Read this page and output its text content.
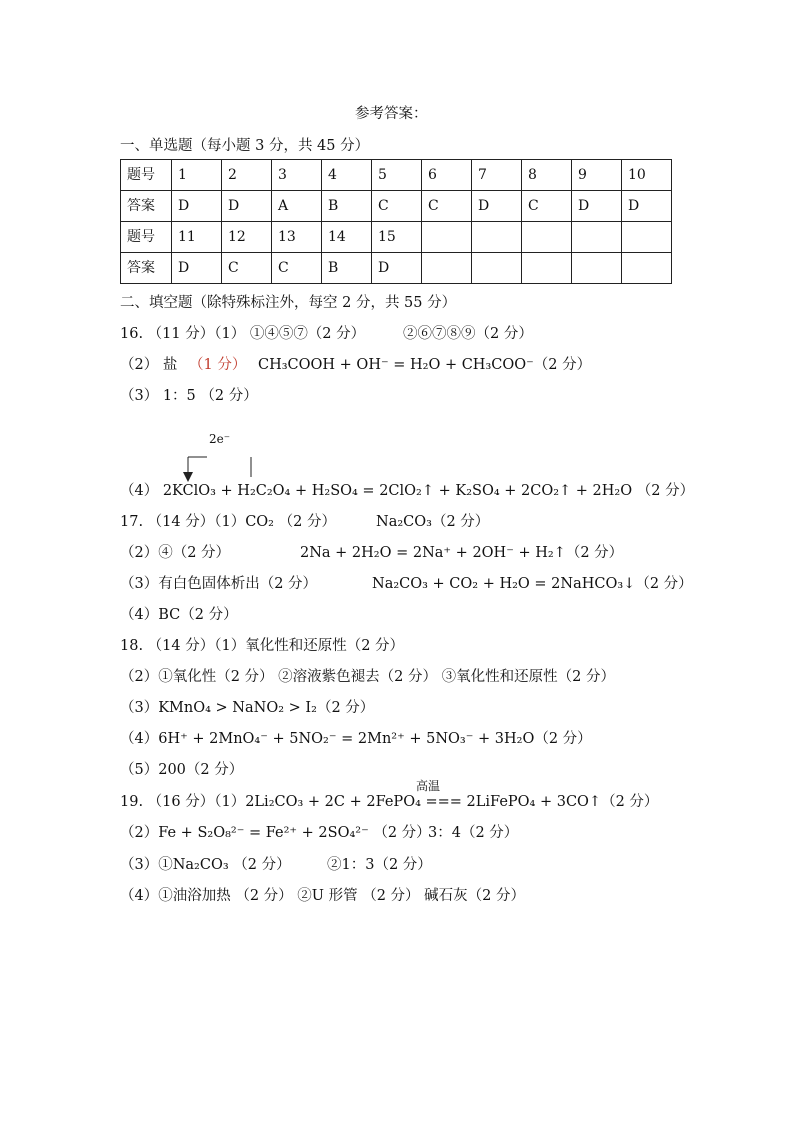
参考答案：
一、单选题（每小题 3 分，共 45 分）
题号	1	2	3	4	5	6	7	8	9	10
答案	D	D	A	B	C	C	D	C	D	D
题号	11	12	13	14	15					
答案	D	C	C	B	D					
二、填空题（除特殊标注外，每空 2 分，共 55 分）
16. （11 分）（1） ①④⑤⑦（2 分）	②⑥⑦⑧⑨（2 分）
（2） 盐 （1 分） CH₃COOH + OH⁻ = H₂O + CH₃COO⁻（2 分）
（3） 1：5 （2 分）
2e⁻
（4） 2KClO₃ + H₂C₂O₄ + H₂SO₄ = 2ClO₂↑ + K₂SO₄ + 2CO₂↑ + 2H₂O （2 分）
17. （14 分）（1）CO₂ （2 分）	Na₂CO₃（2 分）
（2）④（2 分）	2Na + 2H₂O = 2Na⁺ + 2OH⁻ + H₂↑（2 分）
（3）有白色固体析出（2 分）	Na₂CO₃ + CO₂ + H₂O = 2NaHCO₃↓（2 分）
（4）BC（2 分）
18. （14 分）（1）氧化性和还原性（2 分）
（2）①氧化性（2 分） ②溶液紫色褪去（2 分） ③氧化性和还原性（2 分）
（3）KMnO₄ > NaNO₂ > I₂（2 分）
（4）6H⁺ + 2MnO₄⁻ + 5NO₂⁻ = 2Mn²⁺ + 5NO₃⁻ + 3H₂O（2 分）
（5）200（2 分）
高温
19. （16 分）（1）2Li₂CO₃ + 2C + 2FePO₄ === 2LiFePO₄ + 3CO↑（2 分）
（2）Fe + S₂O₈²⁻ = Fe²⁺ + 2SO₄²⁻ （2 分）
3：4（2 分）
（3）①Na₂CO₃ （2 分）	②1：3（2 分）
（4）①油浴加热 （2 分） ②U 形管 （2 分） 碱石灰（2 分）
